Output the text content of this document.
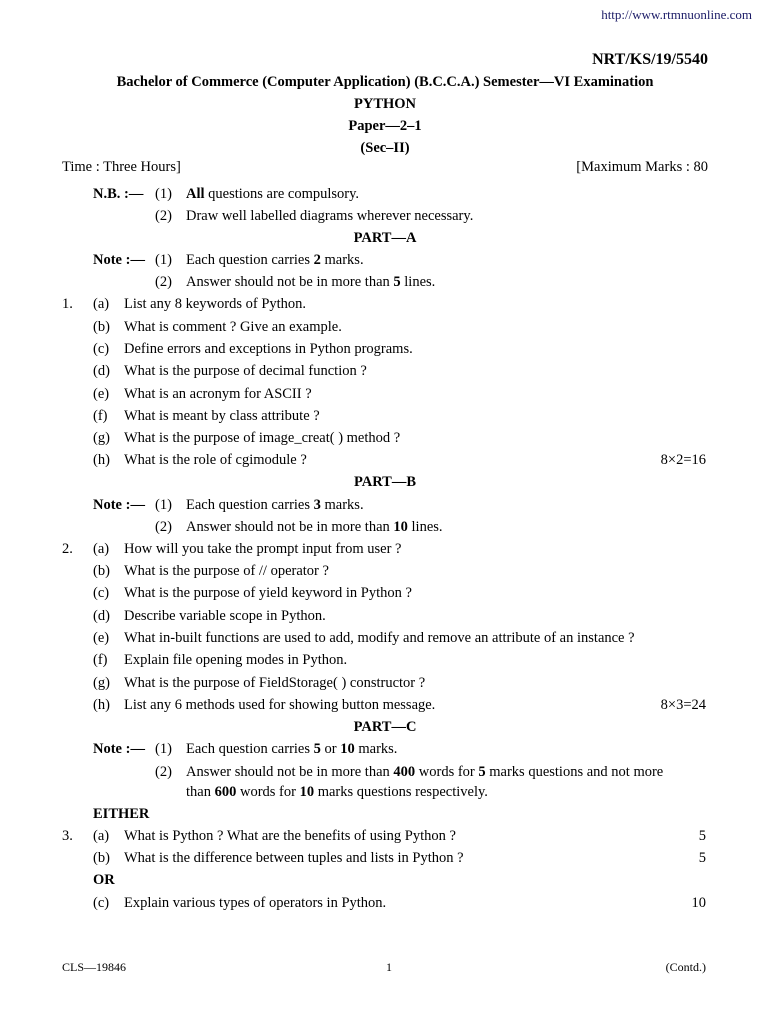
http://www.rtmnuonline.com
NRT/KS/19/5540
Bachelor of Commerce (Computer Application) (B.C.C.A.) Semester—VI Examination
PYTHON
Paper—2–1
(Sec–II)
Time : Three Hours]	[Maximum Marks : 80
N.B. :— (1) All questions are compulsory.
(2) Draw well labelled diagrams wherever necessary.
PART—A
Note :— (1) Each question carries 2 marks.
(2) Answer should not be in more than 5 lines.
1. (a) List any 8 keywords of Python.
(b) What is comment ? Give an example.
(c) Define errors and exceptions in Python programs.
(d) What is the purpose of decimal function ?
(e) What is an acronym for ASCII ?
(f) What is meant by class attribute ?
(g) What is the purpose of image_creat( ) method ?
(h) What is the role of cgimodule ?	8×2=16
PART—B
Note :— (1) Each question carries 3 marks.
(2) Answer should not be in more than 10 lines.
2. (a) How will you take the prompt input from user ?
(b) What is the purpose of // operator ?
(c) What is the purpose of yield keyword in Python ?
(d) Describe variable scope in Python.
(e) What in-built functions are used to add, modify and remove an attribute of an instance ?
(f) Explain file opening modes in Python.
(g) What is the purpose of FieldStorage( ) constructor ?
(h) List any 6 methods used for showing button message.	8×3=24
PART—C
Note :— (1) Each question carries 5 or 10 marks.
(2) Answer should not be in more than 400 words for 5 marks questions and not more
than 600 words for 10 marks questions respectively.
EITHER
3. (a) What is Python ? What are the benefits of using Python ?	5
(b) What is the difference between tuples and lists in Python ?	5
OR
(c) Explain various types of operators in Python.	10
CLS—19846	1	(Contd.)
